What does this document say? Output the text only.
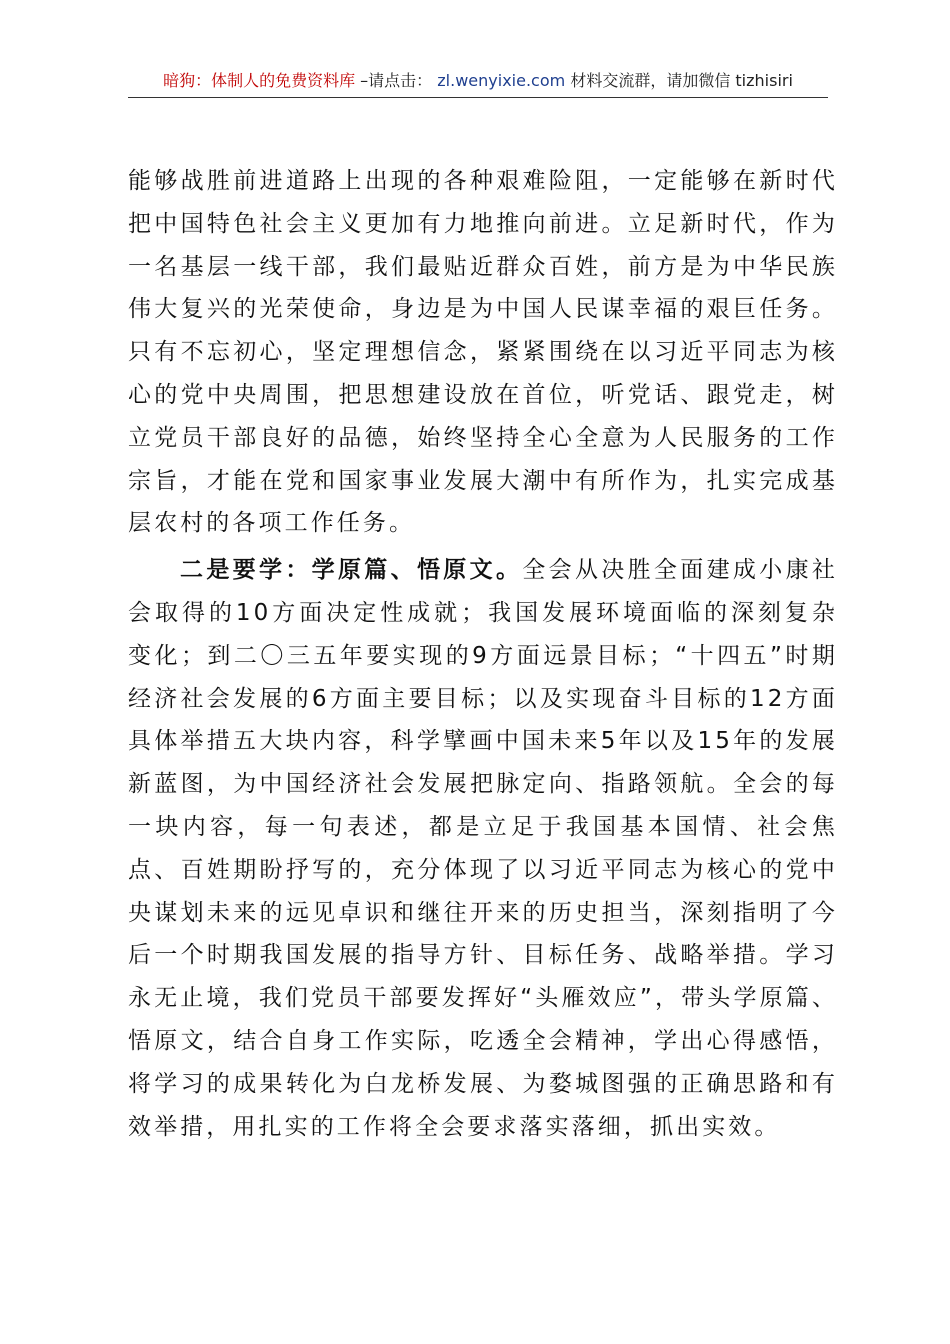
暗狗：体制人的免费资料库 –请点击： zl.wenyixie.com 材料交流群，请加微信 tizhisiri

能够战胜前进道路上出现的各种艰难险阻，一定能够在新时代把中国特色社会主义更加有力地推向前进。立足新时代，作为一名基层一线干部，我们最贴近群众百姓，前方是为中华民族伟大复兴的光荣使命，身边是为中国人民谋幸福的艰巨任务。只有不忘初心，坚定理想信念，紧紧围绕在以习近平同志为核心的党中央周围，把思想建设放在首位，听党话、跟党走，树立党员干部良好的品德，始终坚持全心全意为人民服务的工作宗旨，才能在党和国家事业发展大潮中有所作为，扎实完成基层农村的各项工作任务。

二是要学：学原篇、悟原文。全会从决胜全面建成小康社会取得的10方面决定性成就；我国发展环境面临的深刻复杂变化；到二〇三五年要实现的9方面远景目标；“十四五”时期经济社会发展的6方面主要目标；以及实现奋斗目标的12方面具体举措五大块内容，科学擘画中国未来5年以及15年的发展新蓝图，为中国经济社会发展把脉定向、指路领航。全会的每一块内容，每一句表述，都是立足于我国基本国情、社会焦点、百姓期盼抒写的，充分体现了以习近平同志为核心的党中央谋划未来的远见卓识和继往开来的历史担当，深刻指明了今后一个时期我国发展的指导方针、目标任务、战略举措。学习永无止境，我们党员干部要发挥好“头雁效应”，带头学原篇、悟原文，结合自身工作实际，吃透全会精神，学出心得感悟，将学习的成果转化为白龙桥发展、为婺城图强的正确思路和有效举措，用扎实的工作将全会要求落实落细，抓出实效。
